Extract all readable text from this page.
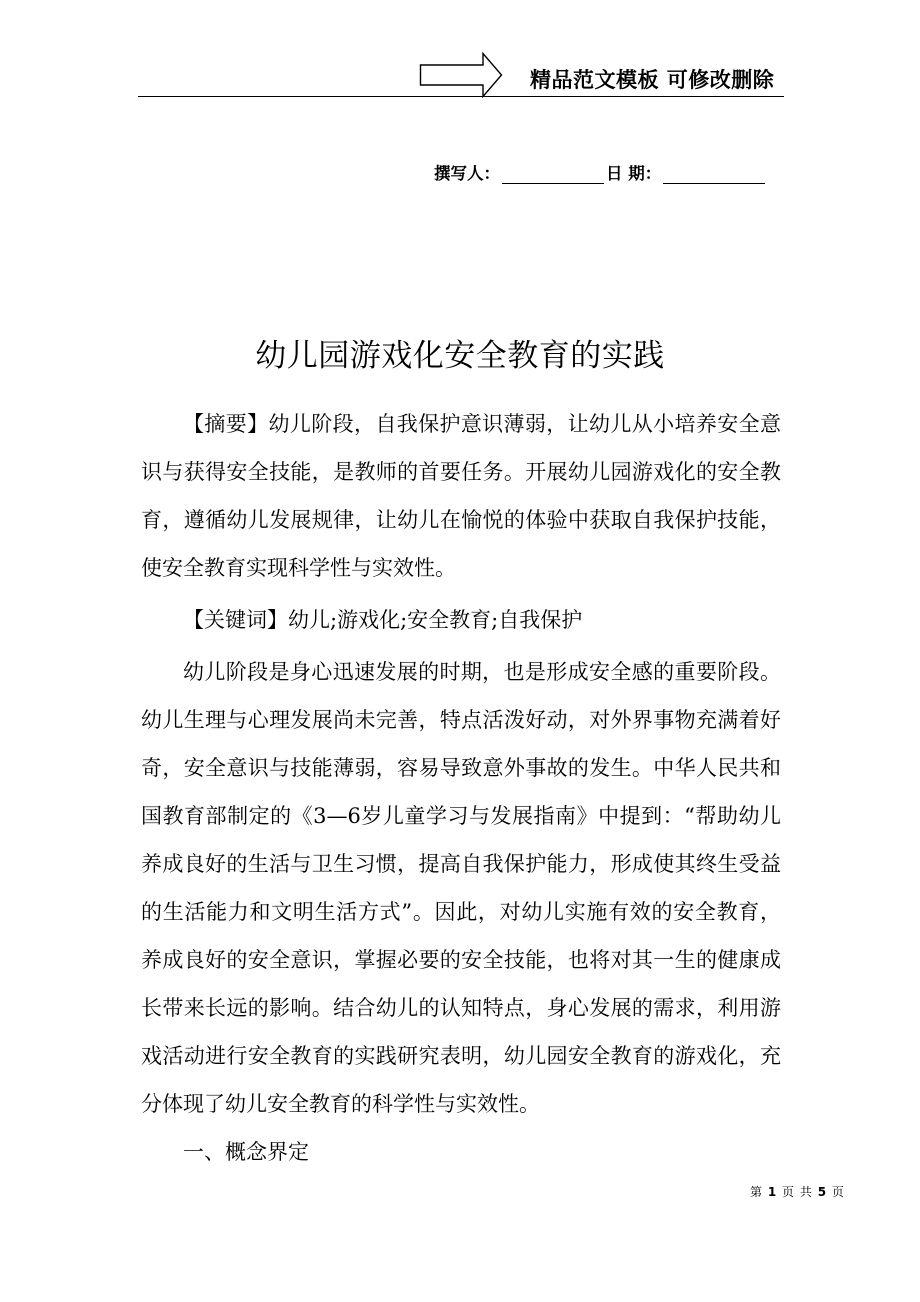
精品范文模板 可修改删除
撰写人：	日 期：
幼儿园游戏化安全教育的实践

【摘要】幼儿阶段，自我保护意识薄弱，让幼儿从小培养安全意识与获得安全技能，是教师的首要任务。开展幼儿园游戏化的安全教育，遵循幼儿发展规律，让幼儿在愉悦的体验中获取自我保护技能，使安全教育实现科学性与实效性。

【关键词】幼儿;游戏化;安全教育;自我保护

幼儿阶段是身心迅速发展的时期，也是形成安全感的重要阶段。幼儿生理与心理发展尚未完善，特点活泼好动，对外界事物充满着好奇，安全意识与技能薄弱，容易导致意外事故的发生。中华人民共和国教育部制定的《3—6岁儿童学习与发展指南》中提到：“帮助幼儿养成良好的生活与卫生习惯，提高自我保护能力，形成使其终生受益的生活能力和文明生活方式”。因此，对幼儿实施有效的安全教育，养成良好的安全意识，掌握必要的安全技能，也将对其一生的健康成长带来长远的影响。结合幼儿的认知特点，身心发展的需求，利用游戏活动进行安全教育的实践研究表明，幼儿园安全教育的游戏化，充分体现了幼儿安全教育的科学性与实效性。

一、概念界定

第 1 页 共 5 页
